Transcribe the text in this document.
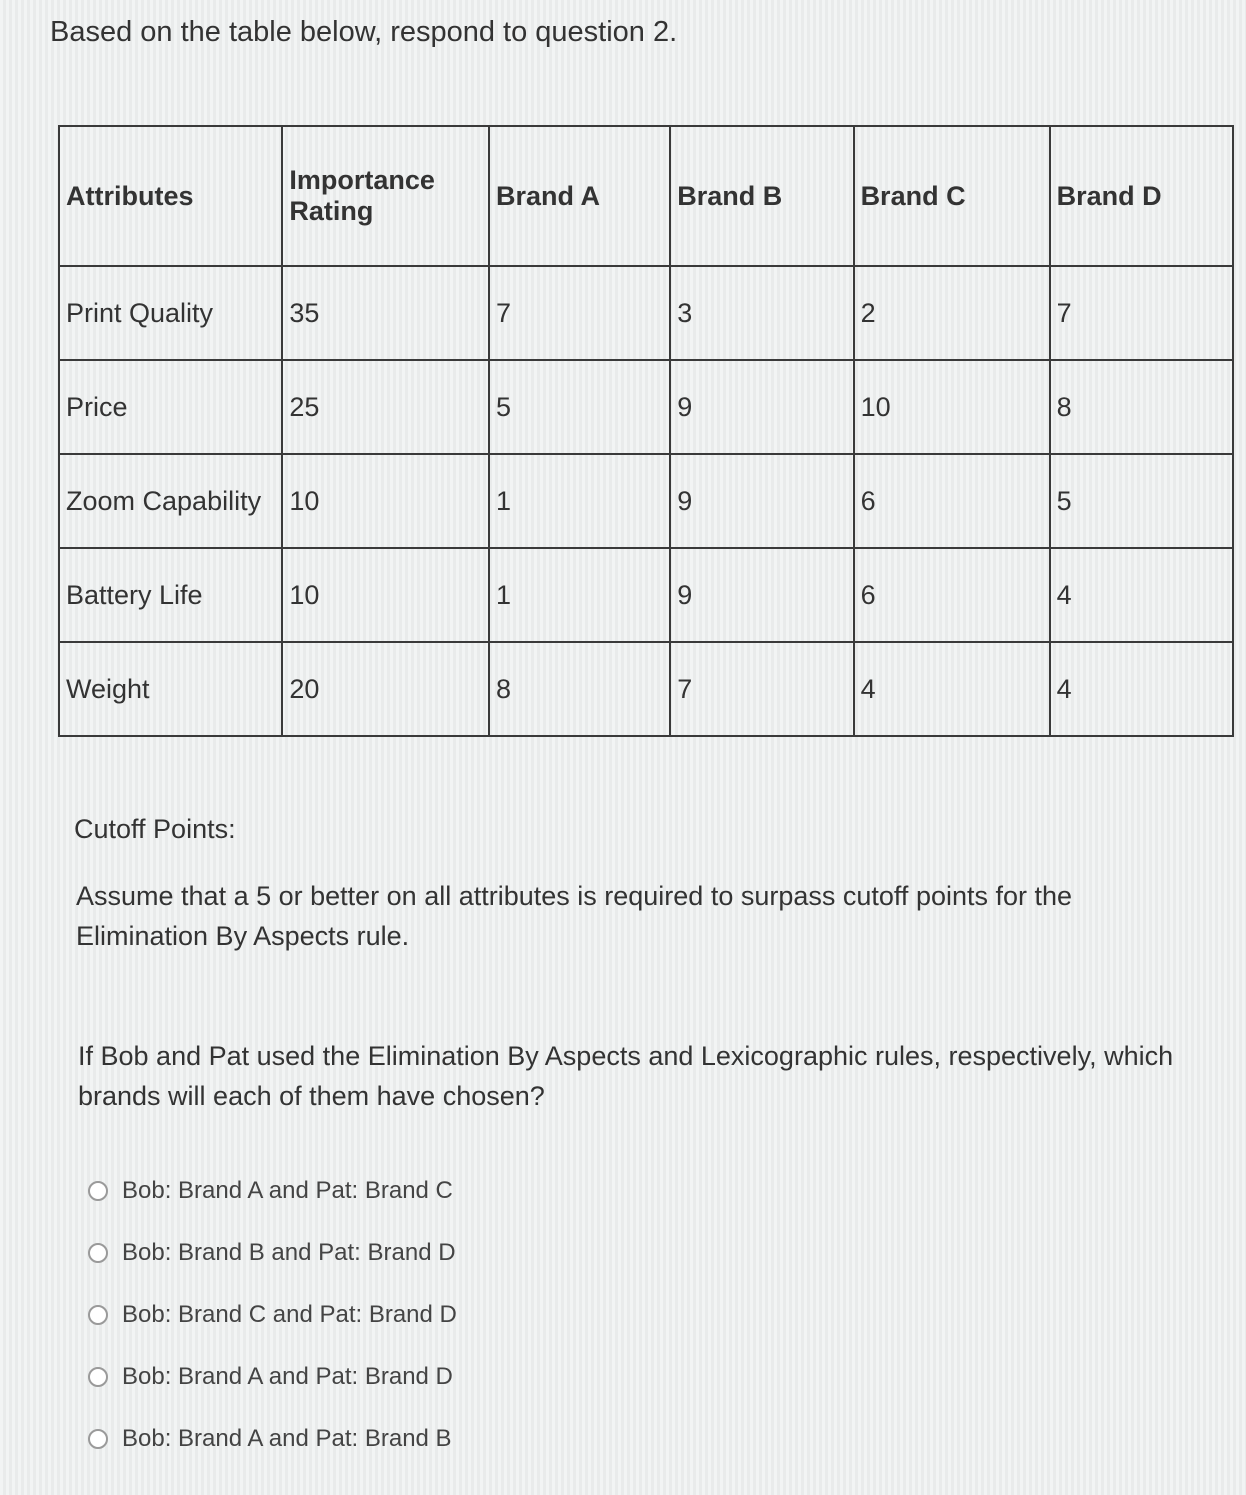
Based on the table below, respond to question 2.
Attributes	Importance Rating	Brand A	Brand B	Brand C	Brand D
Print Quality	35	7	3	2	7
Price	25	5	9	10	8
Zoom Capability	10	1	9	6	5
Battery Life	10	1	9	6	4
Weight	20	8	7	4	4
Cutoff Points:
Assume that a 5 or better on all attributes is required to surpass cutoff points for the Elimination By Aspects rule.
If Bob and Pat used the Elimination By Aspects and Lexicographic rules, respectively, which brands will each of them have chosen?
Bob: Brand A and Pat: Brand C
Bob: Brand B and Pat: Brand D
Bob: Brand C and Pat: Brand D
Bob: Brand A and Pat: Brand D
Bob: Brand A and Pat: Brand B
